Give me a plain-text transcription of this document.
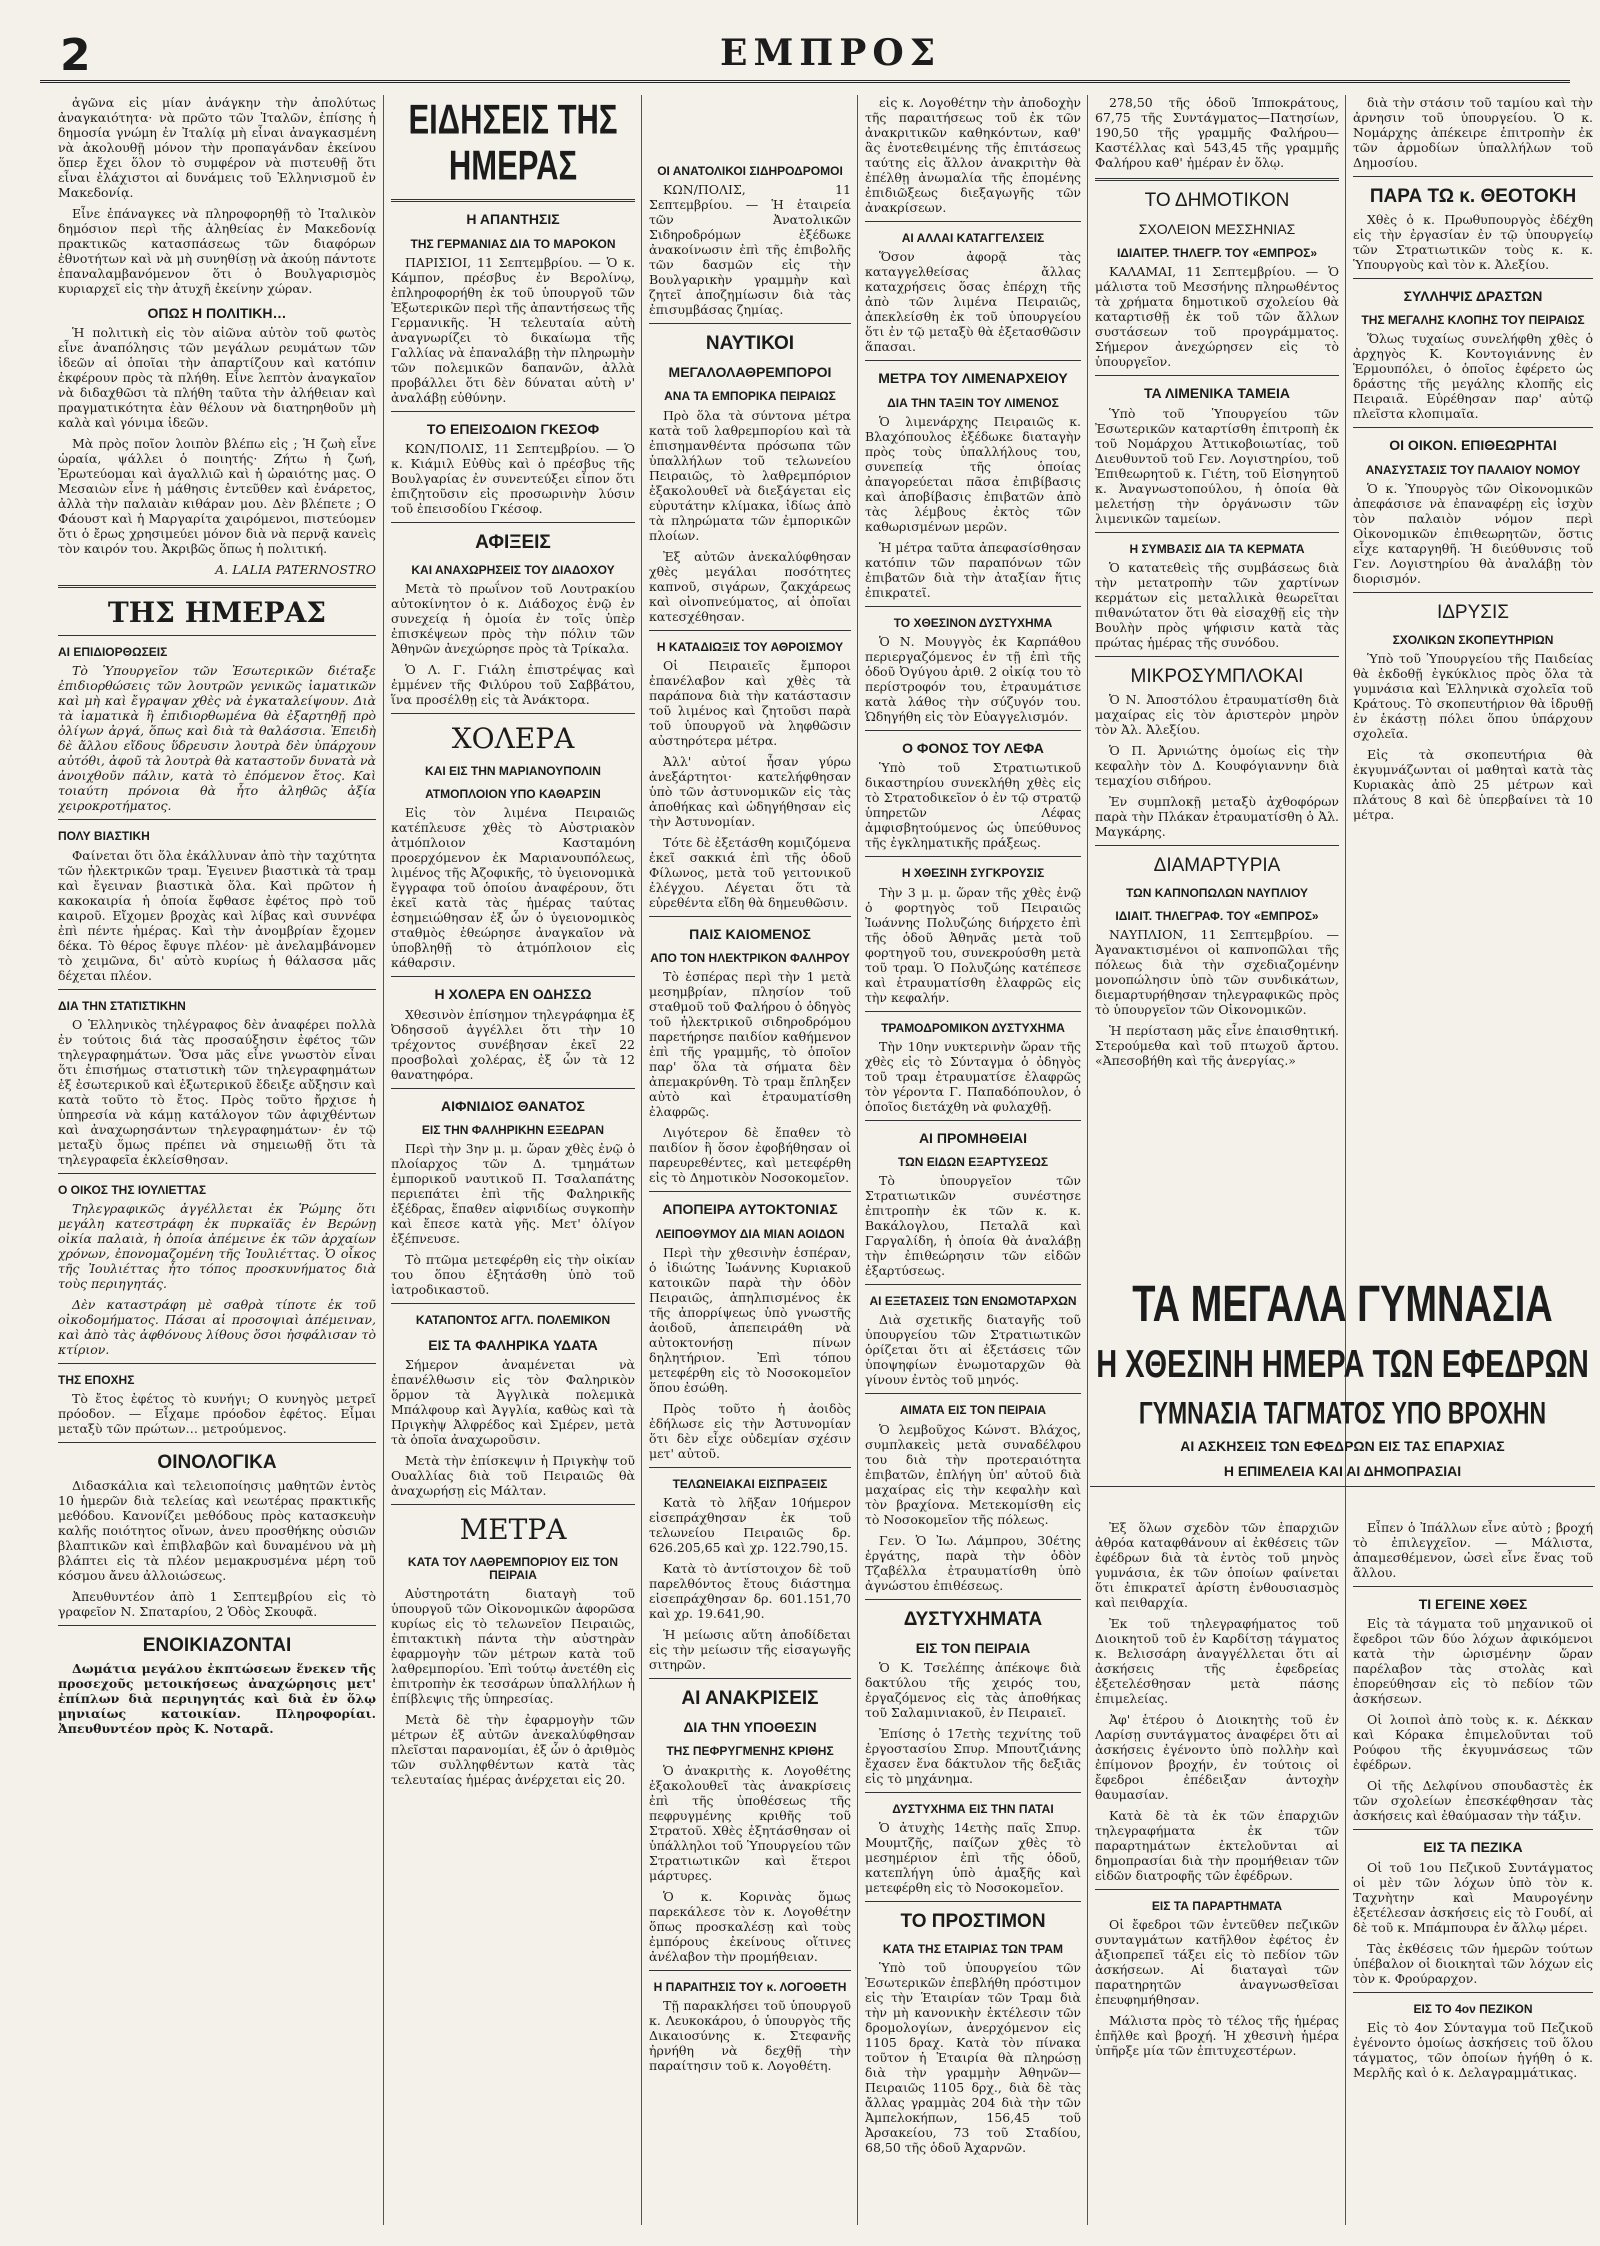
2	ΕΜΠΡΟΣ

ἀγῶνα εἰς μίαν ἀνάγκην τὴν ἀπολύτως ἀναγκαιότητα· νὰ πρῶτο τῶν Ἰταλῶν, ἐπίσης ἡ δημοσία γνώμη ἐν Ἰταλίᾳ μὴ εἶναι ἀναγκασμένη νὰ ἀκολουθῇ μόνον τὴν προπαγάνδαν ἐκείνου ὅπερ ἔχει ὅλον τὸ συμφέρον νὰ πιστευθῇ ὅτι εἶναι ἐλάχιστοι αἱ δυνάμεις τοῦ Ἑλληνισμοῦ ἐν Μακεδονίᾳ.

Εἶνε ἐπάναγκες νὰ πληροφορηθῇ τὸ Ἰταλικὸν δημόσιον περὶ τῆς ἀληθείας ἐν Μακεδονίᾳ πρακτικῶς κατασπάσεως τῶν διαφόρων ἐθνοτήτων καὶ νὰ μὴ συνηθίσῃ νὰ ἀκούῃ πάντοτε ἐπαναλαμβανόμενον ὅτι ὁ Βουλγαρισμὸς κυριαρχεῖ εἰς τὴν ἀτυχῆ ἐκείνην χώραν.

ΟΠΩΣ Η ΠΟΛΙΤΙΚΗ…

Ἡ πολιτικὴ εἰς τὸν αἰῶνα αὐτὸν τοῦ φωτὸς εἶνε ἀναπόλησις τῶν μεγάλων ρευμάτων τῶν ἰδεῶν αἱ ὁποῖαι τὴν ἀπαρτίζουν καὶ κατόπιν ἐκφέρουν πρὸς τὰ πλήθη. Εἶνε λεπτὸν ἀναγκαῖον νὰ διδαχθῶσι τὰ πλήθη ταῦτα τὴν ἀλήθειαν καὶ πραγματικότητα ἐὰν θέλουν νὰ διατηρηθοῦν μὴ καλὰ καὶ γόνιμα ἰδεῶν.

Μὰ πρὸς ποῖον λοιπὸν βλέπω εἰς ; Ἡ ζωὴ εἶνε ὡραία, ψάλλει ὁ ποιητής· Ζήτω ἡ ζωή, Ἐρωτεύομαι καὶ ἀγαλλιῶ καὶ ἡ ὠραιότης μας. Ο Μεσαιὼν εἶνε ἡ μάθησις ἐντεῦθεν καὶ ἐνάρετος, ἀλλὰ τὴν παλαιὰν κιθάραν μου. Δὲν βλέπετε ; Ο Φάουστ καὶ ἡ Μαργαρίτα χαιρόμενοι, πιστεύομεν ὅτι ὁ ἔρως χρησιμεύει μόνον διὰ νὰ περνᾷ κανεὶς τὸν καιρόν του. Ἀκριβῶς ὅπως ἡ πολιτική.

A. LALIA PATERNOSTRO
ΤΗΣ ΗΜΕΡΑΣ
ΑΙ ΕΠΙΔΙΟΡΘΩΣΕΙΣ

Τὸ Ὑπουργεῖον τῶν Ἐσωτερικῶν διέταξε ἐπιδιορθώσεις τῶν λουτρῶν γενικῶς ἰαματικῶν καὶ μὴ καὶ ἔγραψαν χθὲς νὰ ἐγκαταλείψουν. Διὰ τὰ ἰαματικὰ ἢ ἐπιδιορθωμένα θὰ ἐξαρτηθῇ πρὸ ὀλίγων ἀργά, ὅπως καὶ διὰ τὰ θαλάσσια. Ἐπειδὴ δὲ ἄλλου εἴδους ὕδρευσιν λουτρὰ δὲν ὑπάρχουν αὐτόθι, ἀφοῦ τὰ λουτρὰ θὰ καταστοῦν δυνατὰ νὰ ἀνοιχθοῦν πάλιν, κατὰ τὸ ἐπόμενον ἔτος. Καὶ τοιαύτη πρόνοια θὰ ἦτο ἀληθῶς ἀξία χειροκροτήματος.

ΠΟΛΥ ΒΙΑΣΤΙΚΗ

Φαίνεται ὅτι ὅλα ἐκάλλυναν ἀπὸ τὴν ταχύτητα τῶν ἠλεκτρικῶν τραμ. Ἐγεινεν βιαστικὰ τὰ τραμ καὶ ἔγειναν βιαστικὰ ὅλα. Καὶ πρῶτον ἡ κακοκαιρία ἡ ὁποία ἔφθασε ἐφέτος πρὸ τοῦ καιροῦ. Εἴχομεν βροχὰς καὶ λίβας καὶ συννέφα ἐπὶ πέντε ἡμέρας. Καὶ τὴν ἀνομβρίαν ἔχομεν δέκα. Τὸ θέρος ἔφυγε πλέον· μὲ ἀνελαμβάνομεν τὸ χειμῶνα, δι' αὐτὸ κυρίως ἡ θάλασσα μᾶς δέχεται πλέον.

ΔΙΑ ΤΗΝ ΣΤΑΤΙΣΤΙΚΗΝ

Ο Ἑλληνικὸς τηλέγραφος δὲν ἀναφέρει πολλὰ ἐν τούτοις διά τὰς προσαύξησιν ἐφέτος τῶν τηλεγραφημάτων. Ὅσα μᾶς εἶνε γνωστὸν εἶναι ὅτι ἐπισήμως στατιστικὴ τῶν τηλεγραφημάτων ἐξ ἐσωτερικοῦ καὶ ἐξωτερικοῦ ἔδειξε αὔξησιν καὶ κατὰ τοῦτο τὸ ἔτος. Πρὸς τοῦτο ἤρχισε ἡ ὑπηρεσία νὰ κάμῃ κατάλογον τῶν ἀφιχθέντων καὶ ἀναχωρησάντων τηλεγραφημάτων· ἐν τῷ μεταξὺ ὅμως πρέπει νὰ σημειωθῇ ὅτι τὰ τηλεγραφεῖα ἐκλείσθησαν.

Ο ΟΙΚΟΣ ΤΗΣ ΙΟΥΛΙΕΤΤΑΣ

Τηλεγραφικῶς ἀγγέλλεται ἐκ Ῥώμης ὅτι μεγάλη κατεστράφη ἐκ πυρκαϊᾶς ἐν Βερώνῃ οἰκία παλαιὰ, ἡ ὁποία ἀπέμεινε ἐκ τῶν ἀρχαίων χρόνων, ἐπονομαζομένη τῆς Ἰουλιέττας. Ὁ οἶκος τῆς Ἰουλιέττας ἦτο τόπος προσκυνήματος διὰ τοὺς περιηγητάς.

Δὲν καταστράφη μὲ σαθρὰ τίποτε ἐκ τοῦ οἰκοδομήματος. Πάσαι αἱ προσοψιαὶ ἀπέμειναν, καὶ ἀπὸ τὰς ἀφθόνους λίθους ὅσοι ἠσφάλισαν τὸ κτίριον.

ΤΗΣ ΕΠΟΧΗΣ

Τὸ ἔτος ἐφέτος τὸ κυνήγι; Ο κυνηγὸς μετρεῖ πρόοδον. — Εἶχαμε πρόοδον ἐφέτος. Εἶμαι μεταξὺ τῶν πρώτων… μετρούμενος.

ΟΙΝΟΛΟΓΙΚΑ

Διδασκάλια καὶ τελειοποίησις μαθητῶν ἐντὸς 10 ἡμερῶν διὰ τελείας καὶ νεωτέρας πρακτικῆς μεθόδου. Κανονίζει μεθόδους πρὸς κατασκευὴν καλῆς ποιότητος οἴνων, ἀνευ προσθήκης οὐσιῶν βλαπτικῶν καὶ ἐπιβλαβῶν καὶ δυναμένου νὰ μὴ βλάπτει εἰς τὰ πλέον μεμακρυσμένα μέρη τοῦ κόσμου ἄνευ ἀλλοιώσεως.

Ἀπευθυντέον ἀπὸ 1 Σεπτεμβρίου εἰς τὸ γραφεῖον Ν. Σπαταρίου, 2 Ὁδὸς Σκουφᾶ.

ΕΝΟΙΚΙΑΖΟΝΤΑΙ

Δωμάτια μεγάλου ἐκπτώσεων ἕνεκεν τῆς προσεχοῦς μετοικήσεως ἀναχώρησις μετ' ἐπίπλων διὰ περιηγητάς καὶ διὰ ἐν ὅλῳ μηνιαίως κατοικίαν. Πληροφορίαι. Ἀπευθυντέον πρὸς Κ. Νοταρᾶ.

ΕΙΔΗΣΕΙΣ ΤΗΣ ΗΜΕΡΑΣ
Η ΑΠΑΝΤΗΣΙΣ
ΤΗΣ ΓΕΡΜΑΝΙΑΣ ΔΙΑ ΤΟ ΜΑΡΟΚΟΝ

ΠΑΡΙΣΙΟΙ, 11 Σεπτεμβρίου. — Ὁ κ. Κάμπον, πρέσβυς ἐν Βερολίνῳ, ἐπληροφορήθη ἐκ τοῦ ὑπουργοῦ τῶν Ἐξωτερικῶν περὶ τῆς ἀπαντήσεως τῆς Γερμανικῆς. Ἡ τελευταία αὐτὴ ἀναγνωρίζει τὸ δικαίωμα τῆς Γαλλίας νὰ ἐπαναλάβῃ τὴν πληρωμὴν τῶν πολεμικῶν δαπανῶν, ἀλλὰ προβάλλει ὅτι δὲν δύναται αὐτὴ ν' ἀναλάβῃ εὐθύνην.

ΤΟ ΕΠΕΙΣΟΔΙΟΝ ΓΚΕΣΟΦ

ΚΩΝ/ΠΟΛΙΣ, 11 Σεπτεμβρίου. — Ὁ κ. Κιάμιλ Εὐθὺς καὶ ὁ πρέσβυς τῆς Βουλγαρίας ἐν συνεντεύξει εἶπον ὅτι ἐπιζητοῦσιν εἰς προσωρινὴν λύσιν τοῦ ἐπεισοδίου Γκέσοφ.

ΑΦΙΞΕΙΣ
ΚΑΙ ΑΝΑΧΩΡΗΣΕΙΣ ΤΟΥ ΔΙΑΔΟΧΟΥ

Μετὰ τὸ πρωΐνον τοῦ Λουτρακίου αὐτοκίνητον ὁ κ. Διάδοχος ἐνῷ ἐν συνεχείᾳ ἡ ὁμοία ἐν τοῖς ὑπὲρ ἐπισκέψεων πρὸς τὴν πόλιν τῶν Ἀθηνῶν ἀνεχώρησε πρὸς τὰ Τρίκαλα.

Ὁ Λ. Γ. Γιάλη ἐπιστρέψας καὶ ἐμμένεν τῆς Φιλύρου τοῦ Σαββάτου, ἵνα προσέλθῃ εἰς τὰ Ἀνάκτορα.

ΧΟΛΕΡΑ
ΚΑΙ ΕΙΣ ΤΗΝ ΜΑΡΙΑΝΟΥΠΟΛΙΝ
ΑΤΜΟΠΛΟΙΟΝ ΥΠΟ ΚΑΘΑΡΣΙΝ

Εἰς τὸν λιμένα Πειραιῶς κατέπλευσε χθὲς τὸ Αὐστριακὸν ἀτμόπλοιον Κασταμόνη προερχόμενον ἐκ Μαριανουπόλεως, λιμένος τῆς Ἀζοφικῆς, τὸ ὑγειονομικὰ ἔγγραφα τοῦ ὁποίου ἀναφέρουν, ὅτι ἐκεῖ κατὰ τὰς ἡμέρας ταύτας ἐσημειώθησαν ἐξ ὧν ὁ ὑγειονομικὸς σταθμὸς ἐθεώρησε ἀναγκαῖον νὰ ὑποβληθῇ τὸ ἀτμόπλοιον εἰς κάθαρσιν.

Η ΧΟΛΕΡΑ ΕΝ ΟΔΗΣΣΩ

Χθεσινὸν ἐπίσημον τηλεγράφημα ἐξ Ὀδησσοῦ ἀγγέλλει ὅτι τὴν 10 τρέχοντος συνέβησαν ἐκεῖ 22 προσβολαὶ χολέρας, ἐξ ὧν τὰ 12 θανατηφόρα.

ΑΙΦΝΙΔΙΟΣ ΘΑΝΑΤΟΣ
ΕΙΣ ΤΗΝ ΦΑΛΗΡΙΚΗΝ ΕΞΕΔΡΑΝ

Περὶ τὴν 3ην μ. μ. ὥραν χθὲς ἐνῷ ὁ πλοίαρχος τῶν Δ. τμημάτων ἐμπορικοῦ ναυτικοῦ Π. Τσαλαπάτης περιεπάτει ἐπὶ τῆς Φαληρικῆς ἐξέδρας, ἔπαθεν αἰφνιδίως συγκοπὴν καὶ ἔπεσε κατὰ γῆς. Μετ' ὀλίγον ἐξέπνευσε.

Τὸ πτῶμα μετεφέρθη εἰς τὴν οἰκίαν του ὅπου ἐξητάσθη ὑπὸ τοῦ ἰατροδικαστοῦ.

ΚΑΤΑΠΟΝΤΟΣ ΑΓΓΛ. ΠΟΛΕΜΙΚΟΝ
ΕΙΣ ΤΑ ΦΑΛΗΡΙΚΑ ΥΔΑΤΑ

Σήμερον ἀναμένεται νὰ ἐπανέλθωσιν εἰς τὸν Φαληρικὸν ὅρμον τὰ Ἀγγλικὰ πολεμικὰ Μπάλφουρ καὶ Ἀγγλία, καθὼς καὶ τὰ Πριγκὴψ Ἀλφρέδος καὶ Σμέρεν, μετὰ τὰ ὁποῖα ἀναχωροῦσιν.

Μετὰ τὴν ἐπίσκεψιν ἡ Πριγκὴψ τοῦ Ουαλλίας διὰ τοῦ Πειραιῶς θὰ ἀναχωρήσῃ εἰς Μάλταν.

ΜΕΤΡΑ
ΚΑΤΑ ΤΟΥ ΛΑΘΡΕΜΠΟΡΙΟΥ ΕΙΣ ΤΟΝ ΠΕΙΡΑΙΑ

Αὐστηροτάτη διαταγὴ τοῦ ὑπουργοῦ τῶν Οἰκονομικῶν ἀφορῶσα κυρίως εἰς τὸ τελωνεῖον Πειραιῶς, ἐπιτακτικὴ πάντα τὴν αὐστηρὰν ἐφαρμογὴν τῶν μέτρων κατὰ τοῦ λαθρεμπορίου. Ἐπὶ τούτῳ ἀνετέθη εἰς ἐπιτροπὴν ἐκ τεσσάρων ὑπαλλήλων ἡ ἐπίβλεψις τῆς ὑπηρεσίας.

Μετὰ δὲ τὴν ἐφαρμογὴν τῶν μέτρων ἐξ αὐτῶν ἀνεκαλύφθησαν πλεῖσται παρανομίαι, ἐξ ὧν ὁ ἀριθμὸς τῶν συλληφθέντων κατὰ τὰς τελευταίας ἡμέρας ἀνέρχεται εἰς 20.

ΟΙ ΑΝΑΤΟΛΙΚΟΙ ΣΙΔΗΡΟΔΡΟΜΟΙ

ΚΩΝ/ΠΟΛΙΣ, 11 Σεπτεμβρίου. — Ἡ ἑταιρεία τῶν Ἀνατολικῶν Σιδηροδρόμων ἐξέδωκε ἀνακοίνωσιν ἐπὶ τῆς ἐπιβολῆς τῶν δασμῶν εἰς τὴν Βουλγαρικὴν γραμμὴν καὶ ζητεῖ ἀποζημίωσιν διὰ τὰς ἐπισυμβάσας ζημίας.

ΝΑΥΤΙΚΟΙ
ΜΕΓΑΛΟΛΑΘΡΕΜΠΟΡΟΙ
ΑΝΑ ΤΑ ΕΜΠΟΡΙΚΑ ΠΕΙΡΑΙΩΣ

Πρὸ ὅλα τὰ σύντονα μέτρα κατὰ τοῦ λαθρεμπορίου καὶ τὰ ἐπισημανθέντα πρόσωπα τῶν ὑπαλλήλων τοῦ τελωνείου Πειραιῶς, τὸ λαθρεμπόριον ἐξακολουθεῖ νὰ διεξάγεται εἰς εὐρυτάτην κλίμακα, ἰδίως ἀπὸ τὰ πληρώματα τῶν ἐμπορικῶν πλοίων.

Ἐξ αὐτῶν ἀνεκαλύφθησαν χθὲς μεγάλαι ποσότητες καπνοῦ, σιγάρων, ζακχάρεως καὶ οἰνοπνεύματος, αἱ ὁποῖαι κατεσχέθησαν.

Η ΚΑΤΑΔΙΩΞΙΣ ΤΟΥ ΑΘΡΟΙΣΜΟΥ

Οἱ Πειραιεῖς ἔμποροι ἐπανέλαβον καὶ χθὲς τὰ παράπονα διὰ τὴν κατάστασιν τοῦ λιμένος καὶ ζητοῦσι παρὰ τοῦ ὑπουργοῦ νὰ ληφθῶσιν αὐστηρότερα μέτρα.

Ἀλλ' αὐτοί ἦσαν γύρω ἀνεξάρτητοι· κατελήφθησαν ὑπὸ τῶν ἀστυνομικῶν εἰς τὰς ἀποθήκας καὶ ὡδηγήθησαν εἰς τὴν Ἀστυνομίαν.

Τότε δὲ ἐξετάσθη κομιζόμενα ἐκεῖ σακκιά ἐπὶ τῆς ὁδοῦ Φίλωνος, μετὰ τοῦ γειτονικοῦ ἐλέγχου. Λέγεται ὅτι τὰ εὑρεθέντα εἴδη θὰ δημευθῶσιν.

ΠΑΙΣ ΚΑΙΟΜΕΝΟΣ
ΑΠΟ ΤΟΝ ΗΛΕΚΤΡΙΚΟΝ ΦΑΛΗΡΟΥ

Τὸ ἑσπέρας περὶ τὴν 1 μετὰ μεσημβρίαν, πλησίον τοῦ σταθμοῦ τοῦ Φαλήρου ὁ ὁδηγὸς τοῦ ἠλεκτρικοῦ σιδηροδρόμου παρετήρησε παιδίον καθήμενον ἐπὶ τῆς γραμμῆς, τὸ ὁποῖον παρ' ὅλα τὰ σήματα δὲν ἀπεμακρύνθη. Τὸ τραμ ἔπληξεν αὐτὸ καὶ ἐτραυματίσθη ἐλαφρῶς.

Λιγότερον δὲ ἔπαθεν τὸ παιδίον ἢ ὅσον ἐφοβήθησαν οἱ παρευρεθέντες, καὶ μετεφέρθη εἰς τὸ Δημοτικὸν Νοσοκομεῖον.

ΑΠΟΠΕΙΡΑ ΑΥΤΟΚΤΟΝΙΑΣ
ΛΕΙΠΟΘΥΜΟΥ ΔΙΑ ΜΙΑΝ ΑΟΙΔΟΝ

Περὶ τὴν χθεσινὴν ἑσπέραν, ὁ ἰδιώτης Ἰωάννης Κυριακοῦ κατοικῶν παρὰ τὴν ὁδὸν Πειραιῶς, ἀπηλπισμένος ἐκ τῆς ἀπορρίψεως ὑπὸ γνωστῆς ἀοιδοῦ, ἀπεπειράθη νὰ αὐτοκτονήσῃ πίνων δηλητήριον. Ἐπὶ τόπου μετεφέρθη εἰς τὸ Νοσοκομεῖον ὅπου ἐσώθη.

Πρὸς τοῦτο ἡ ἀοιδὸς ἐδήλωσε εἰς τὴν Ἀστυνομίαν ὅτι δὲν εἶχε οὐδεμίαν σχέσιν μετ' αὐτοῦ.

ΤΕΛΩΝΕΙΑΚΑΙ ΕΙΣΠΡΑΞΕΙΣ

Κατὰ τὸ λῆξαν 10ήμερον εἰσεπράχθησαν ἐκ τοῦ τελωνείου Πειραιῶς δρ. 626.205,65 καὶ χρ. 122.790,15.

Κατὰ τὸ ἀντίστοιχον δὲ τοῦ παρελθόντος ἔτους διάστημα εἰσεπράχθησαν δρ. 601.151,70 καὶ χρ. 19.641,90.

Ἡ μείωσις αὕτη ἀποδίδεται εἰς τὴν μείωσιν τῆς εἰσαγωγῆς σιτηρῶν.

ΑΙ ΑΝΑΚΡΙΣΕΙΣ
ΔΙΑ ΤΗΝ ΥΠΟΘΕΣΙΝ
ΤΗΣ ΠΕΦΡΥΓΜΕΝΗΣ ΚΡΙΘΗΣ

Ὁ ἀνακριτὴς κ. Λογοθέτης ἐξακολουθεῖ τὰς ἀνακρίσεις ἐπὶ τῆς ὑποθέσεως τῆς πεφρυγμένης κριθῆς τοῦ Στρατοῦ. Χθὲς ἐξητάσθησαν οἱ ὑπάλληλοι τοῦ Ὑπουργείου τῶν Στρατιωτικῶν καὶ ἕτεροι μάρτυρες.

Ὁ κ. Κορινὰς ὅμως παρεκάλεσε τὸν κ. Λογοθέτην ὅπως προσκαλέσῃ καὶ τοὺς ἐμπόρους ἐκείνους οἵτινες ἀνέλαβον τὴν προμήθειαν.

Η ΠΑΡΑΙΤΗΣΙΣ ΤΟΥ κ. ΛΟΓΟΘΕΤΗ

Τῇ παρακλήσει τοῦ ὑπουργοῦ κ. Λευκοκάρου, ὁ ὑπουργὸς τῆς Δικαιοσύνης κ. Στεφανῆς ἠρνήθη νὰ δεχθῇ τὴν παραίτησιν τοῦ κ. Λογοθέτη.

εἰς κ. Λογοθέτην τὴν ἀποδοχὴν τῆς παραιτήσεως τοῦ ἐκ τῶν ἀνακριτικῶν καθηκόντων, καθ' ἃς ἐνοτεθειμένης τῆς ἐπιτάσεως ταύτης εἰς ἄλλον ἀνακριτὴν θὰ ἐπέλθῃ ἀνωμαλία τῆς ἐπομένης ἐπιδιῶξεως διεξαγωγῆς τῶν ἀνακρίσεων.

ΑΙ ΑΛΛΑΙ ΚΑΤΑΓΓΕΛΣΕΙΣ

Ὅσον ἀφορᾷ τὰς καταγγελθείσας ἄλλας καταχρήσεις ὅσας ἐπέρχη τῆς ἀπὸ τῶν λιμένα Πειραιῶς, ἀπεκλείσθη ἐκ τοῦ ὑπουργείου ὅτι ἐν τῷ μεταξὺ θὰ ἐξετασθῶσιν ἅπασαι.

ΜΕΤΡΑ ΤΟΥ ΛΙΜΕΝΑΡΧΕΙΟΥ
ΔΙΑ ΤΗΝ ΤΑΞΙΝ ΤΟΥ ΛΙΜΕΝΟΣ

Ὁ λιμενάρχης Πειραιῶς κ. Βλαχόπουλος ἐξέδωκε διαταγὴν πρὸς τοὺς ὑπαλλήλους του, συνεπείᾳ τῆς ὁποίας ἀπαγορεύεται πᾶσα ἐπιβίβασις καὶ ἀποβίβασις ἐπιβατῶν ἀπὸ τὰς λέμβους ἐκτὸς τῶν καθωρισμένων μερῶν.

Ἡ μέτρα ταῦτα ἀπεφασίσθησαν κατόπιν τῶν παραπόνων τῶν ἐπιβατῶν διὰ τὴν ἀταξίαν ἥτις ἐπικρατεῖ.

ΤΟ ΧΘΕΣΙΝΟΝ ΔΥΣΤΥΧΗΜΑ

Ὁ Ν. Μουγγὸς ἐκ Καρπάθου περιεργαζόμενος ἐν τῇ ἐπὶ τῆς ὁδοῦ Ὀγύγου ἀριθ. 2 οἰκίᾳ του τὸ περίστροφόν του, ἐτραυμάτισε κατὰ λάθος τὴν σύζυγόν του. Ὡδηγήθη εἰς τὸν Εὐαγγελισμόν.

Ο ΦΟΝΟΣ ΤΟΥ ΛΕΦΑ

Ὑπὸ τοῦ Στρατιωτικοῦ δικαστηρίου συνεκλήθη χθὲς εἰς τὸ Στρατοδικεῖον ὁ ἐν τῷ στρατῷ ὑπηρετῶν Λέφας ἀμφισβητούμενος ὡς ὑπεύθυνος τῆς ἐγκληματικῆς πράξεως.

Η ΧΘΕΣΙΝΗ ΣΥΓΚΡΟΥΣΙΣ

Τὴν 3 μ. μ. ὥραν τῆς χθὲς ἐνῷ ὁ φορτηγὸς τοῦ Πειραιῶς Ἰωάννης Πολυζώης διήρχετο ἐπὶ τῆς ὁδοῦ Ἀθηνᾶς μετὰ τοῦ φορτηγοῦ του, συνεκρούσθη μετὰ τοῦ τραμ. Ὁ Πολυζώης κατέπεσε καὶ ἐτραυματίσθη ἐλαφρῶς εἰς τὴν κεφαλήν.

ΤΡΑΜΟΔΡΟΜΙΚΟΝ ΔΥΣΤΥΧΗΜΑ

Τὴν 10ην νυκτερινὴν ὥραν τῆς χθὲς εἰς τὸ Σύνταγμα ὁ ὀδηγὸς τοῦ τραμ ἐτραυματίσε ἐλαφρῶς τὸν γέροντα Γ. Παπαδόπουλον, ὁ ὁποῖος διετάχθη νὰ φυλαχθῇ.

ΑΙ ΠΡΟΜΗΘΕΙΑΙ
ΤΩΝ ΕΙΔΩΝ ΕΞΑΡΤΥΣΕΩΣ

Τὸ ὑπουργεῖον τῶν Στρατιωτικῶν συνέστησε ἐπιτροπὴν ἐκ τῶν κ. κ. Βακάλογλου, Πεταλᾶ καὶ Γαργαλίδη, ἡ ὁποία θὰ ἀναλάβῃ τὴν ἐπιθεώρησιν τῶν εἰδῶν ἐξαρτύσεως.

ΑΙ ΕΞΕΤΑΣΕΙΣ ΤΩΝ ΕΝΩΜΟΤΑΡΧΩΝ

Διὰ σχετικῆς διαταγῆς τοῦ ὑπουργείου τῶν Στρατιωτικῶν ὁρίζεται ὅτι αἱ ἐξετάσεις τῶν ὑποψηφίων ἐνωμοταρχῶν θὰ γίνουν ἐντὸς τοῦ μηνός.

ΑΙΜΑΤΑ ΕΙΣ ΤΟΝ ΠΕΙΡΑΙΑ

Ὁ λεμβοῦχος Κώνστ. Βλάχος, συμπλακεὶς μετὰ συναδέλφου του διὰ τὴν προτεραιότητα ἐπιβατῶν, ἐπλήγη ὑπ' αὐτοῦ διὰ μαχαίρας εἰς τὴν κεφαλὴν καὶ τὸν βραχίονα. Μετεκομίσθη εἰς τὸ Νοσοκομεῖον τῆς πόλεως.

Γεν. Ὁ Ἰω. Λάμπρου, 30έτης ἐργάτης, παρὰ τὴν ὁδὸν Τζαβέλλα ἐτραυματίσθη ὑπὸ ἀγνώστου ἐπιθέσεως.

ΔΥΣΤΥΧΗΜΑΤΑ
ΕΙΣ ΤΟΝ ΠΕΙΡΑΙΑ

Ὁ Κ. Τσελέπης ἀπέκοψε διὰ δακτύλου τῆς χειρός του, ἐργαζόμενος εἰς τὰς ἀποθήκας τοῦ Σαλαμινιακοῦ, ἐν Πειραιεῖ.

Ἐπίσης ὁ 17ετὴς τεχνίτης τοῦ ἐργοστασίου Σπυρ. Μπουτζιάνης ἔχασεν ἕνα δάκτυλον τῆς δεξιᾶς εἰς τὸ μηχάνημα.

ΔΥΣΤΥΧΗΜΑ ΕΙΣ ΤΗΝ ΠΑΤΑΙ

Ὁ ἀτυχὴς 14ετὴς παῖς Σπυρ. Μουμτζῆς, παίζων χθὲς τὸ μεσημέριον ἐπὶ τῆς ὁδοῦ, κατεπλήγη ὑπὸ ἁμαξῆς καὶ μετεφέρθη εἰς τὸ Νοσοκομεῖον.

ΤΟ ΠΡΟΣΤΙΜΟΝ
ΚΑΤΑ ΤΗΣ ΕΤΑΙΡΙΑΣ ΤΩΝ ΤΡΑΜ

Ὑπὸ τοῦ ὑπουργείου τῶν Ἐσωτερικῶν ἐπεβλήθη πρόστιμον εἰς τὴν Ἑταιρίαν τῶν Τραμ διὰ τὴν μὴ κανονικὴν ἐκτέλεσιν τῶν δρομολογίων, ἀνερχόμενον εἰς 1105 δραχ. Κατὰ τὸν πίνακα τοῦτον ἡ Ἑταιρία θὰ πληρώσῃ διὰ τὴν γραμμὴν Ἀθηνῶν—Πειραιῶς 1105 δρχ., διὰ δὲ τὰς ἄλλας γραμμὰς 204 διὰ τὴν τῶν Ἀμπελοκήπων, 156,45 τοῦ Ἀρσακείου, 73 τοῦ Σταδίου, 68,50 τῆς ὁδοῦ Ἀχαρνῶν.

278,50 τῆς ὁδοῦ Ἱπποκράτους, 67,75 τῆς Συντάγματος—Πατησίων, 190,50 τῆς γραμμῆς Φαλήρου—Καστέλλας καὶ 543,45 τῆς γραμμῆς Φαλήρου καθ' ἡμέραν ἐν ὅλῳ.

ΤΟ ΔΗΜΟΤΙΚΟΝ
ΣΧΟΛΕΙΟΝ ΜΕΣΣΗΝΙΑΣ
ΙΔΙΑΙΤΕΡ. ΤΗΛΕΓΡ. ΤΟΥ «ΕΜΠΡΟΣ»

ΚΑΛΑΜΑΙ, 11 Σεπτεμβρίου. — Ὁ μάλιστα τοῦ Μεσσήνης πληρωθέντος τὰ χρήματα δημοτικοῦ σχολείου θὰ καταρτισθῇ ἐκ τοῦ τῶν ἄλλων συστάσεων τοῦ προγράμματος. Σήμερον ἀνεχώρησεν εἰς τὸ ὑπουργεῖον.

ΤΑ ΛΙΜΕΝΙΚΑ ΤΑΜΕΙΑ

Ὑπὸ τοῦ Ὑπουργείου τῶν Ἐσωτερικῶν καταρτίσθη ἐπιτροπὴ ἐκ τοῦ Νομάρχου Ἀττικοβοιωτίας, τοῦ Διευθυντοῦ τοῦ Γεν. Λογιστηρίου, τοῦ Ἐπιθεωρητοῦ κ. Γιέτη, τοῦ Εἰσηγητοῦ κ. Ἀναγνωστοπούλου, ἡ ὁποία θὰ μελετήσῃ τὴν ὀργάνωσιν τῶν λιμενικῶν ταμείων.

Η ΣΥΜΒΑΣΙΣ ΔΙΑ ΤΑ ΚΕΡΜΑΤΑ

Ὁ κατατεθεὶς τῆς συμβάσεως διὰ τὴν μετατροπὴν τῶν χαρτίνων κερμάτων εἰς μεταλλικὰ θεωρεῖται πιθανώτατον ὅτι θὰ εἰσαχθῇ εἰς τὴν Βουλὴν πρὸς ψήφισιν κατὰ τὰς πρώτας ἡμέρας τῆς συνόδου.

ΜΙΚΡΟΣΥΜΠΛΟΚΑΙ

Ὁ Ν. Ἀποστόλου ἐτραυματίσθη διὰ μαχαίρας εἰς τὸν ἀριστερὸν μηρὸν τὸν Ἀλ. Ἀλεξίου.

Ὁ Π. Ἀρνιώτης ὁμοίως εἰς τὴν κεφαλὴν τὸν Δ. Κουφόγιαννην διὰ τεμαχίου σιδήρου.

Ἐν συμπλοκῇ μεταξὺ ἀχθοφόρων παρὰ τὴν Πλάκαν ἐτραυματίσθη ὁ Ἀλ. Μαγκάρης.

ΔΙΑΜΑΡΤΥΡΙΑ
ΤΩΝ ΚΑΠΝΟΠΩΛΩΝ ΝΑΥΠΛΙΟΥ
ΙΔΙΑΙΤ. ΤΗΛΕΓΡΑΦ. ΤΟΥ «ΕΜΠΡΟΣ»

ΝΑΥΠΛΙΟΝ, 11 Σεπτεμβρίου. — Ἀγανακτισμένοι οἱ καπνοπῶλαι τῆς πόλεως διὰ τὴν σχεδιαζομένην μονοπώλησιν ὑπὸ τῶν συνδικάτων, διεμαρτυρήθησαν τηλεγραφικῶς πρὸς τὸ ὑπουργεῖον τῶν Οἰκονομικῶν.

Ἡ περίσταση μᾶς εἶνε ἐπαισθητική. Στερούμεθα καὶ τοῦ πτωχοῦ ἄρτου. «Ἀπεσοβήθη καὶ τῆς ἀνεργίας.»

διὰ τὴν στάσιν τοῦ ταμίου καὶ τὴν ἀρνησιν τοῦ ὑπουργείου. Ὁ κ. Νομάρχης ἀπέκειρε ἐπιτροπὴν ἐκ τῶν ἀρμοδίων ὑπαλλήλων τοῦ Δημοσίου.

ΠΑΡΑ ΤΩ κ. ΘΕΟΤΟΚΗ

Χθὲς ὁ κ. Πρωθυπουργὸς ἐδέχθη εἰς τὴν ἐργασίαν ἐν τῷ ὑπουργείῳ τῶν Στρατιωτικῶν τοὺς κ. κ. Ὑπουργοὺς καὶ τὸν κ. Ἀλεξίου.

ΣΥΛΛΗΨΙΣ ΔΡΑΣΤΩΝ
ΤΗΣ ΜΕΓΑΛΗΣ ΚΛΟΠΗΣ ΤΟΥ ΠΕΙΡΑΙΩΣ

Ὅλως τυχαίως συνελήφθη χθὲς ὁ ἀρχηγὸς Κ. Κοντογιάννης ἐν Ἑρμουπόλει, ὁ ὁποῖος ἐφέρετο ὡς δράστης τῆς μεγάλης κλοπῆς εἰς Πειραιᾶ. Εὑρέθησαν παρ' αὐτῷ πλεῖστα κλοπιμαῖα.

ΟΙ ΟΙΚΟΝ. ΕΠΙΘΕΩΡΗΤΑΙ
ΑΝΑΣΥΣΤΑΣΙΣ ΤΟΥ ΠΑΛΑΙΟΥ ΝΟΜΟΥ

Ὁ κ. Ὑπουργὸς τῶν Οἰκονομικῶν ἀπεφάσισε νὰ ἐπαναφέρῃ εἰς ἰσχὺν τὸν παλαιὸν νόμον περὶ Οἰκονομικῶν ἐπιθεωρητῶν, ὅστις εἶχε καταργηθῆ. Ἡ διεύθυνσις τοῦ Γεν. Λογιστηρίου θὰ ἀναλάβῃ τὸν διορισμόν.

ΙΔΡΥΣΙΣ
ΣΧΟΛΙΚΩΝ ΣΚΟΠΕΥΤΗΡΙΩΝ

Ὑπὸ τοῦ Ὑπουργείου τῆς Παιδείας θὰ ἐκδοθῇ ἐγκύκλιος πρὸς ὅλα τὰ γυμνάσια καὶ Ἑλληνικὰ σχολεῖα τοῦ Κράτους. Τὸ σκοπευτήριον θὰ ἱδρυθῇ ἐν ἑκάστῃ πόλει ὅπου ὑπάρχουν σχολεῖα.

Εἰς τὰ σκοπευτήρια θὰ ἐκγυμνάζωνται οἱ μαθηταὶ κατὰ τὰς Κυριακὰς ἀπὸ 25 μέτρων καὶ πλάτους 8 καὶ δὲ ὑπερβαίνει τὰ 10 μέτρα.

ΤΑ ΜΕΓΑΛΑ ΓΥΜΝΑΣΙΑ
Η ΧΘΕΣΙΝΗ ΗΜΕΡΑ ΤΩΝ ΕΦΕΔΡΩΝ
ΓΥΜΝΑΣΙΑ ΤΑΓΜΑΤΟΣ ΥΠΟ ΒΡΟΧΗΝ
ΑΙ ΑΣΚΗΣΕΙΣ ΤΩΝ ΕΦΕΔΡΩΝ ΕΙΣ ΤΑΣ ΕΠΑΡΧΙΑΣ
Η ΕΠΙΜΕΛΕΙΑ ΚΑΙ ΑΙ ΔΗΜΟΠΡΑΣΙΑΙ

Ἐξ ὅλων σχεδὸν τῶν ἐπαρχιῶν ἀθρόα καταφθάνουν αἱ ἐκθέσεις τῶν ἐφέδρων διὰ τὰ ἐντὸς τοῦ μηνὸς γυμνάσια, ἐκ τῶν ὁποίων φαίνεται ὅτι ἐπικρατεῖ ἀρίστη ἐνθουσιασμὸς καὶ πειθαρχία.

Ἐκ τοῦ τηλεγραφήματος τοῦ Διοικητοῦ τοῦ ἐν Καρδίτσῃ τάγματος κ. Βελισσάρη ἀναγγέλλεται ὅτι αἱ ἀσκήσεις τῆς ἐφεδρείας ἐξετελέσθησαν μετὰ πάσης ἐπιμελείας.

Ἀφ' ἑτέρου ὁ Διοικητὴς τοῦ ἐν Λαρίσῃ συντάγματος ἀναφέρει ὅτι αἱ ἀσκήσεις ἐγένοντο ὑπὸ πολλὴν καὶ ἐπίμονον βροχήν, ἐν τούτοις οἱ ἔφεδροι ἐπέδειξαν ἀντοχὴν θαυμασίαν.

Κατὰ δὲ τὰ ἐκ τῶν ἐπαρχιῶν τηλεγραφήματα ἐκ τῶν παραρτημάτων ἐκτελοῦνται αἱ δημοπρασίαι διὰ τὴν προμήθειαν τῶν εἰδῶν διατροφῆς τῶν ἐφέδρων.

ΕΙΣ ΤΑ ΠΑΡΑΡΤΗΜΑΤΑ

Οἱ ἔφεδροι τῶν ἐντεῦθεν πεζικῶν συνταγμάτων κατῆλθον ἐφέτος ἐν ἀξιοπρεπεῖ τάξει εἰς τὸ πεδίον τῶν ἀσκήσεων. Αἱ διαταγαὶ τῶν παρατηρητῶν ἀναγνωσθεῖσαι ἐπευφημήθησαν.

Μάλιστα πρὸς τὸ τέλος τῆς ἡμέρας ἐπῆλθε καὶ βροχή. Ἡ χθεσινὴ ἡμέρα ὑπῆρξε μία τῶν ἐπιτυχεστέρων.

Εἶπεν ὁ Ἰπάλλων εἶνε αὐτὸ ; βροχή τὸ ἐπιλεγχεῖον. — Μάλιστα, ἀπαμεσθέμενον, ὡσεὶ εἶνε ἕνας τοῦ ἄλλου.

ΤΙ ΕΓΕΙΝΕ ΧΘΕΣ

Εἰς τὰ τάγματα τοῦ μηχανικοῦ οἱ ἔφεδροι τῶν δύο λόχων ἀφικόμενοι κατὰ τὴν ὡρισμένην ὥραν παρέλαβον τὰς στολὰς καὶ ἐπορεύθησαν εἰς τὸ πεδίον τῶν ἀσκήσεων.

Οἱ λοιποὶ ἀπὸ τοὺς κ. κ. Δέκκαν καὶ Κόρακα ἐπιμελοῦνται τοῦ Ρούφου τῆς ἐκγυμνάσεως τῶν ἐφέδρων.

Οἱ τῆς Δελφίνου σπουδαστὲς ἐκ τῶν σχολείων ἐπεσκέφθησαν τὰς ἀσκήσεις καὶ ἐθαύμασαν τὴν τάξιν.

ΕΙΣ ΤΑ ΠΕΖΙΚΑ

Οἱ τοῦ 1ου Πεζικοῦ Συντάγματος οἱ μὲν τῶν λόχων ὑπὸ τὸν κ. Ταχνὴτην καὶ Μαυρογένην ἐξετέλεσαν ἀσκήσεις εἰς τὸ Γουδί, αἱ δὲ τοῦ κ. Μπάμπουρα ἐν ἄλλῳ μέρει.

Τὰς ἐκθέσεις τῶν ἡμερῶν τούτων ὑπέβαλον οἱ διοικηταὶ τῶν λόχων εἰς τὸν κ. Φρούραρχον.

ΕΙΣ ΤΟ 4ον ΠΕΖΙΚΟΝ

Εἰς τὸ 4ον Σύνταγμα τοῦ Πεζικοῦ ἐγένοντο ὁμοίως ἀσκήσεις τοῦ ὅλου τάγματος, τῶν ὁποίων ἡγήθη ὁ κ. Μερλῆς καὶ ὁ κ. Δελαγραμμάτικας.
